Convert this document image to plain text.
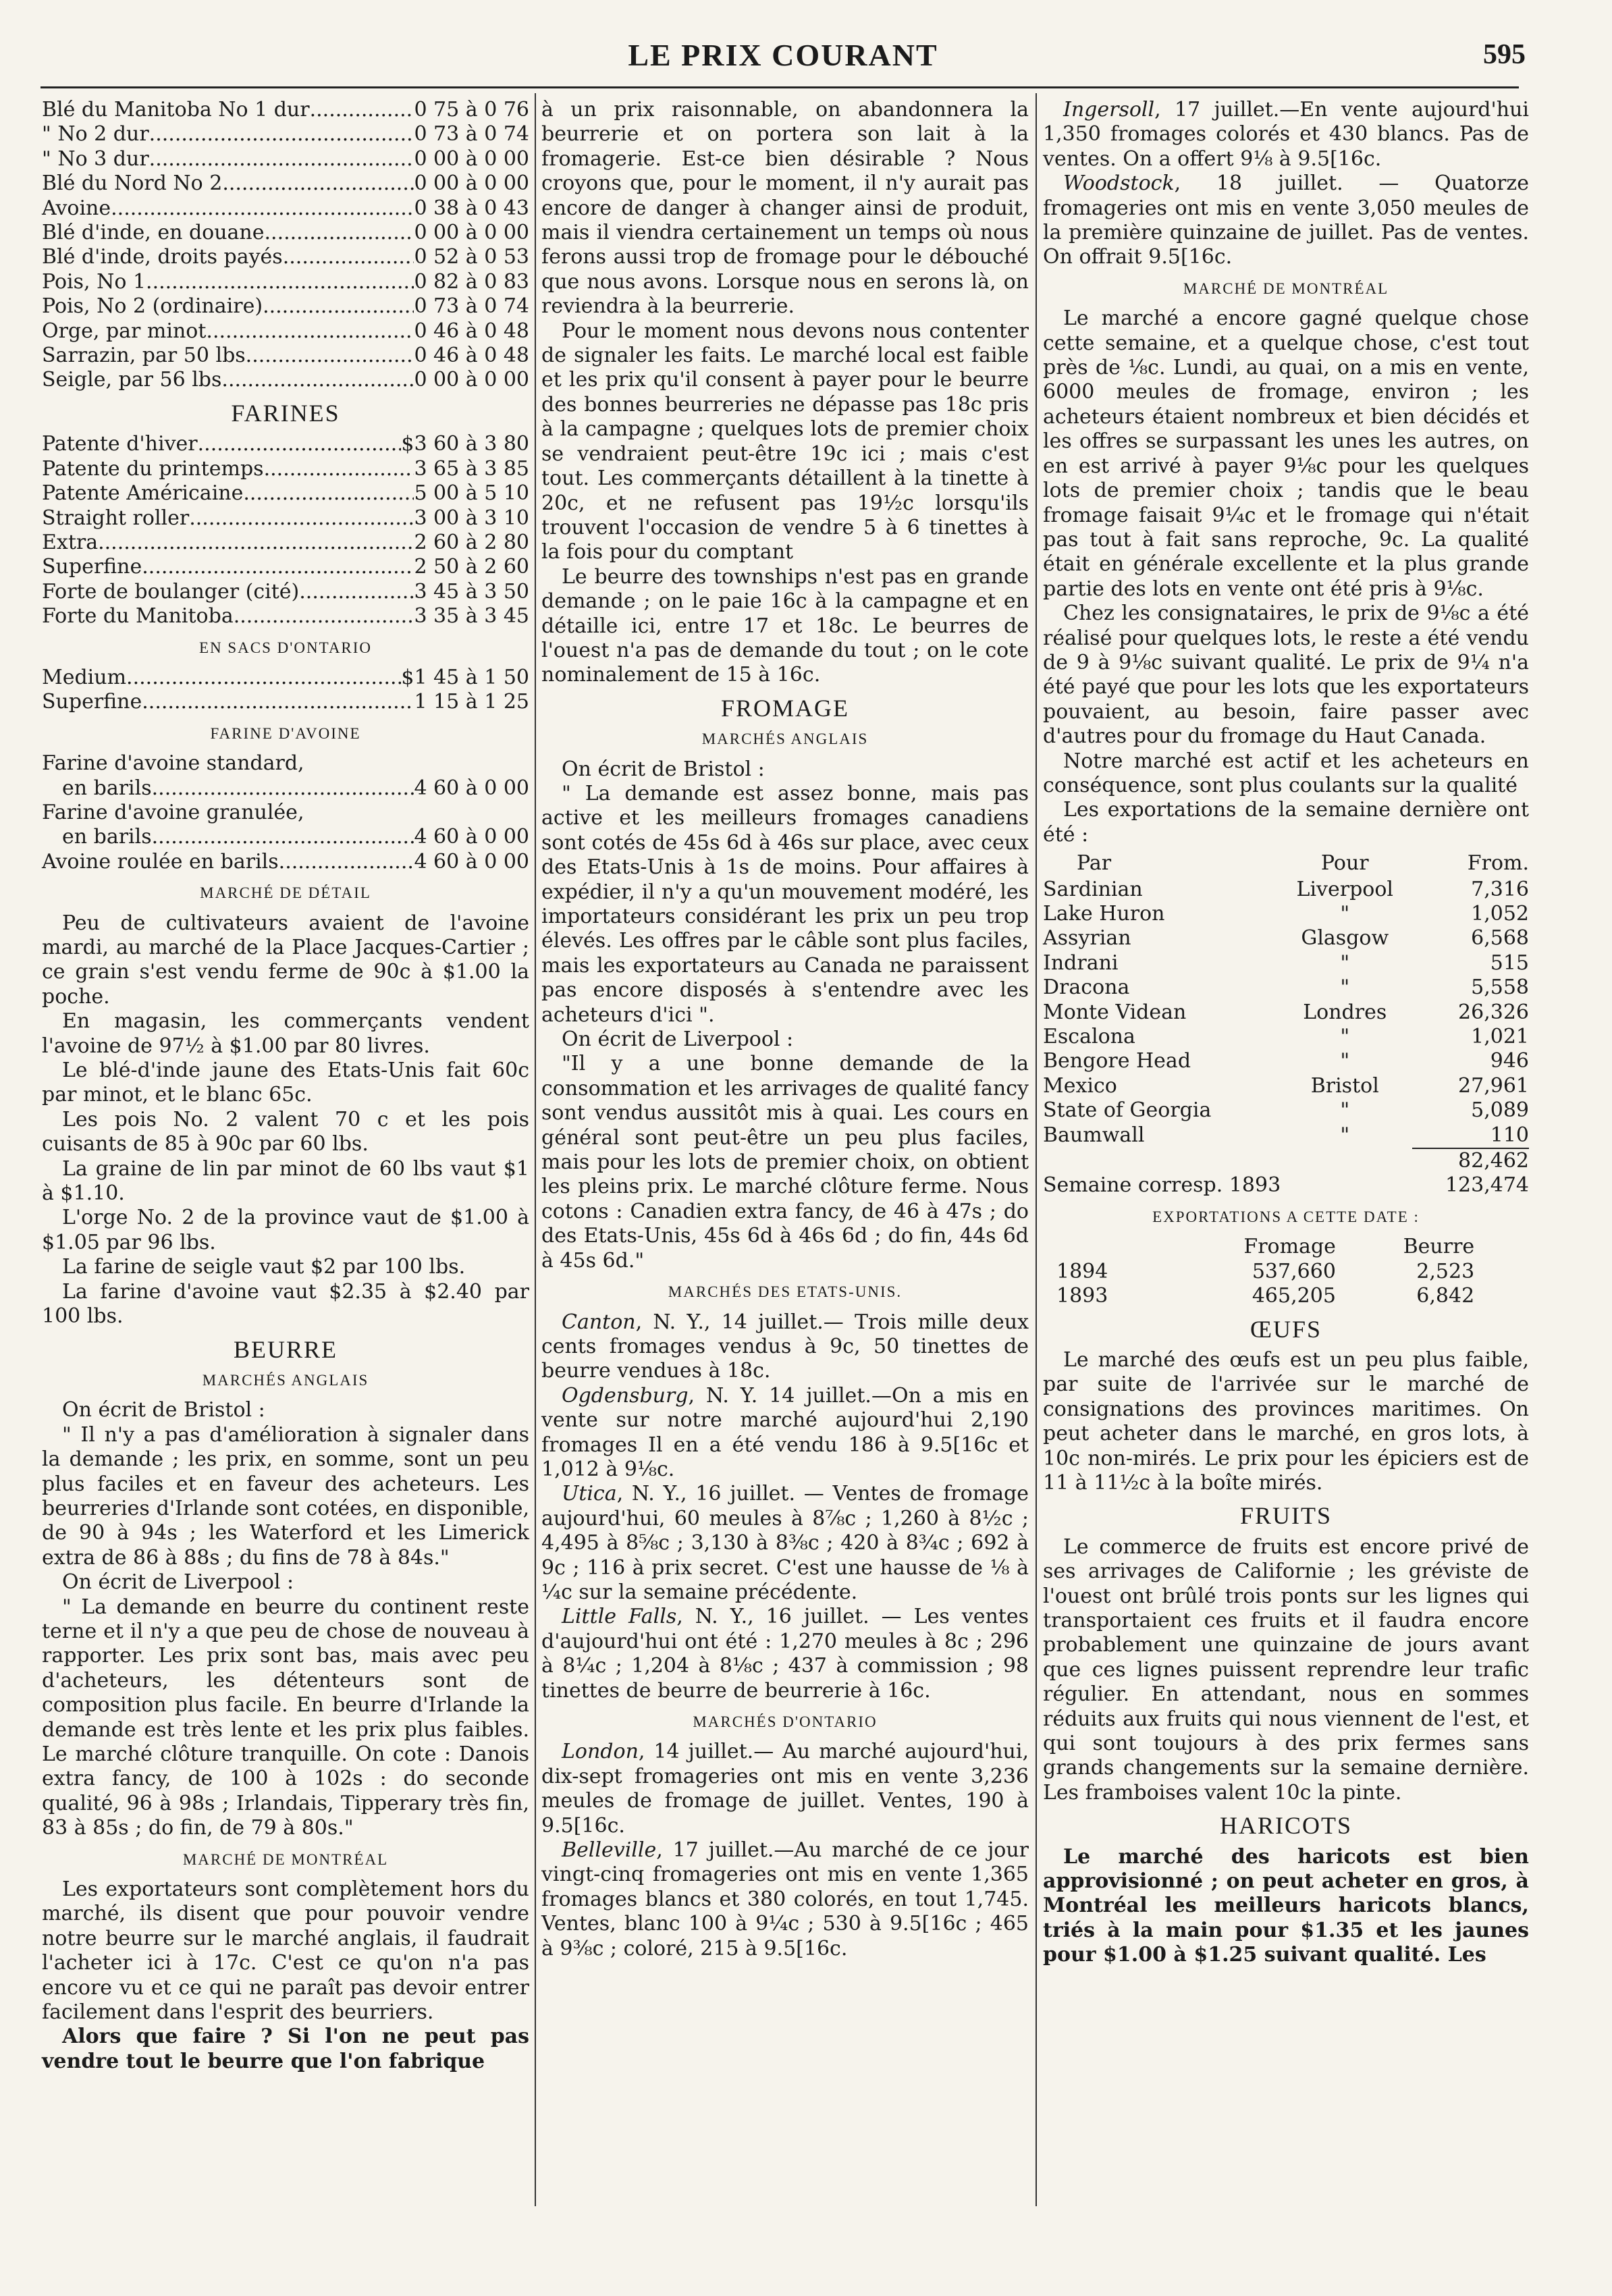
LE PRIX COURANT	595
Blé du Manitoba No 1 dur .....	0 75 à 0 76
" No 2 dur .....	0 73 à 0 74
" No 3 dur .....	0 00 à 0 00
Blé du Nord No 2 .....	0 00 à 0 00
Avoine .....	0 38 à 0 43
Blé d'inde, en douane .....	0 00 à 0 00
Blé d'inde, droits payés .....	0 52 à 0 53
Pois, No 1 .....	0 82 à 0 83
Pois, No 2 (ordinaire) .....	0 73 à 0 74
Orge, par minot .....	0 46 à 0 48
Sarrazin, par 50 lbs .....	0 46 à 0 48
Seigle, par 56 lbs .....	0 00 à 0 00
FARINES
Patente d'hiver .....	$3 60 à 3 80
Patente du printemps .....	3 65 à 3 85
Patente Américaine .....	5 00 à 5 10
Straight roller .....	3 00 à 3 10
Extra .....	2 60 à 2 80
Superfine .....	2 50 à 2 60
Forte de boulanger (cité) .....	3 45 à 3 50
Forte du Manitoba .....	3 35 à 3 45
EN SACS D'ONTARIO
Medium .....	$1 45 à 1 50
Superfine .....	1 15 à 1 25
FARINE D'AVOINE
Farine d'avoine standard,
en barils .....	4 60 à 0 00
Farine d'avoine granulée,
en barils .....	4 60 à 0 00
Avoine roulée en barils .....	4 60 à 0 00
MARCHÉ DE DÉTAIL

Peu de cultivateurs avaient de l'avoine mardi, au marché de la Place Jacques-Cartier ; ce grain s'est vendu ferme de 90c à $1.00 la poche.

En magasin, les commerçants vendent l'avoine de 97½ à $1.00 par 80 livres.

Le blé-d'inde jaune des Etats-Unis fait 60c par minot, et le blanc 65c.

Les pois No. 2 valent 70 c et les pois cuisants de 85 à 90c par 60 lbs.

La graine de lin par minot de 60 lbs vaut $1 à $1.10.

L'orge No. 2 de la province vaut de $1.00 à $1.05 par 96 lbs.

La farine de seigle vaut $2 par 100 lbs.

La farine d'avoine vaut $2.35 à $2.40 par 100 lbs.

BEURRE
MARCHÉS ANGLAIS

On écrit de Bristol :

" Il n'y a pas d'amélioration à signaler dans la demande ; les prix, en somme, sont un peu plus faciles et en faveur des acheteurs. Les beurreries d'Irlande sont cotées, en disponible, de 90 à 94s ; les Waterford et les Limerick extra de 86 à 88s ; du fins de 78 à 84s."

On écrit de Liverpool :

" La demande en beurre du continent reste terne et il n'y a que peu de chose de nouveau à rapporter. Les prix sont bas, mais avec peu d'acheteurs, les détenteurs sont de composition plus facile. En beurre d'Irlande la demande est très lente et les prix plus faibles. Le marché clôture tranquille. On cote : Danois extra fancy, de 100 à 102s : do seconde qualité, 96 à 98s ; Irlandais, Tipperary très fin, 83 à 85s ; do fin, de 79 à 80s."

MARCHÉ DE MONTRÉAL

Les exportateurs sont complètement hors du marché, ils disent que pour pouvoir vendre notre beurre sur le marché anglais, il faudrait l'acheter ici à 17c. C'est ce qu'on n'a pas encore vu et ce qui ne paraît pas devoir entrer facilement dans l'esprit des beurriers.

Alors que faire ? Si l'on ne peut pas vendre tout le beurre que l'on fabrique

à un prix raisonnable, on abandonnera la beurrerie et on portera son lait à la fromagerie. Est-ce bien désirable ? Nous croyons que, pour le moment, il n'y aurait pas encore de danger à changer ainsi de produit, mais il viendra certainement un temps où nous ferons aussi trop de fromage pour le débouché que nous avons. Lorsque nous en serons là, on reviendra à la beurrerie.

Pour le moment nous devons nous contenter de signaler les faits. Le marché local est faible et les prix qu'il consent à payer pour le beurre des bonnes beurreries ne dépasse pas 18c pris à la campagne ; quelques lots de premier choix se vendraient peut-être 19c ici ; mais c'est tout. Les commerçants détaillent à la tinette à 20c, et ne refusent pas 19½c lorsqu'ils trouvent l'occasion de vendre 5 à 6 tinettes à la fois pour du comptant

Le beurre des townships n'est pas en grande demande ; on le paie 16c à la campagne et en détaille ici, entre 17 et 18c. Le beurres de l'ouest n'a pas de demande du tout ; on le cote nominalement de 15 à 16c.

FROMAGE
MARCHÉS ANGLAIS

On écrit de Bristol :

" La demande est assez bonne, mais pas active et les meilleurs fromages canadiens sont cotés de 45s 6d à 46s sur place, avec ceux des Etats-Unis à 1s de moins. Pour affaires à expédier, il n'y a qu'un mouvement modéré, les importateurs considérant les prix un peu trop élevés. Les offres par le câble sont plus faciles, mais les exportateurs au Canada ne paraissent pas encore disposés à s'entendre avec les acheteurs d'ici ".

On écrit de Liverpool :

"Il y a une bonne demande de la consommation et les arrivages de qualité fancy sont vendus aussitôt mis à quai. Les cours en général sont peut-être un peu plus faciles, mais pour les lots de premier choix, on obtient les pleins prix. Le marché clôture ferme. Nous cotons : Canadien extra fancy, de 46 à 47s ; do des Etats-Unis, 45s 6d à 46s 6d ; do fin, 44s 6d à 45s 6d."

MARCHÉS DES ETATS-UNIS.

Canton, N. Y., 14 juillet.— Trois mille deux cents fromages vendus à 9c, 50 tinettes de beurre vendues à 18c.

Ogdensburg, N. Y. 14 juillet.—On a mis en vente sur notre marché aujourd'hui 2,190 fromages Il en a été vendu 186 à 9.5[16c et 1,012 à 9⅛c.

Utica, N. Y., 16 juillet. — Ventes de fromage aujourd'hui, 60 meules à 8⅞c ; 1,260 à 8½c ; 4,495 à 8⅝c ; 3,130 à 8⅜c ; 420 à 8¾c ; 692 à 9c ; 116 à prix secret. C'est une hausse de ⅛ à ¼c sur la semaine précédente.

Little Falls, N. Y., 16 juillet. — Les ventes d'aujourd'hui ont été : 1,270 meules à 8c ; 296 à 8¼c ; 1,204 à 8⅛c ; 437 à commission ; 98 tinettes de beurre de beurrerie à 16c.

MARCHÉS D'ONTARIO

London, 14 juillet.— Au marché aujourd'hui, dix-sept fromageries ont mis en vente 3,236 meules de fromage de juillet. Ventes, 190 à 9.5[16c.

Belleville, 17 juillet.—Au marché de ce jour vingt-cinq fromageries ont mis en vente 1,365 fromages blancs et 380 colorés, en tout 1,745. Ventes, blanc 100 à 9¼c ; 530 à 9.5[16c ; 465 à 9⅜c ; coloré, 215 à 9.5[16c.

Ingersoll, 17 juillet.—En vente aujourd'hui 1,350 fromages colorés et 430 blancs. Pas de ventes. On a offert 9⅛ à 9.5[16c.

Woodstock, 18 juillet. — Quatorze fromageries ont mis en vente 3,050 meules de la première quinzaine de juillet. Pas de ventes. On offrait 9.5[16c.

MARCHÉ DE MONTRÉAL

Le marché a encore gagné quelque chose cette semaine, et a quelque chose, c'est tout près de ⅛c. Lundi, au quai, on a mis en vente, 6000 meules de fromage, environ ; les acheteurs étaient nombreux et bien décidés et les offres se surpassant les unes les autres, on en est arrivé à payer 9⅛c pour les quelques lots de premier choix ; tandis que le beau fromage faisait 9¼c et le fromage qui n'était pas tout à fait sans reproche, 9c. La qualité était en générale excellente et la plus grande partie des lots en vente ont été pris à 9⅛c.

Chez les consignataires, le prix de 9⅛c a été réalisé pour quelques lots, le reste a été vendu de 9 à 9⅛c suivant qualité. Le prix de 9¼ n'a été payé que pour les lots que les exportateurs pouvaient, au besoin, faire passer avec d'autres pour du fromage du Haut Canada.

Notre marché est actif et les acheteurs en conséquence, sont plus coulants sur la qualité

Les exportations de la semaine dernière ont été :

Par	Pour	From.
Sardinian	Liverpool	7,316
Lake Huron	"	1,052
Assyrian	Glasgow	6,568
Indrani	"	515
Dracona	"	5,558
Monte Videan	Londres	26,326
Escalona	"	1,021
Bengore Head	"	946
Mexico	Bristol	27,961
State of Georgia	"	5,089
Baumwall	"	110
		82,462
Semaine corresp. 1893		123,474
EXPORTATIONS A CETTE DATE :
	Fromage	Beurre
1894	537,660	2,523
1893	465,205	6,842
ŒUFS

Le marché des œufs est un peu plus faible, par suite de l'arrivée sur le marché de consignations des provinces maritimes. On peut acheter dans le marché, en gros lots, à 10c non-mirés. Le prix pour les épiciers est de 11 à 11½c à la boîte mirés.

FRUITS

Le commerce de fruits est encore privé de ses arrivages de Californie ; les gréviste de l'ouest ont brûlé trois ponts sur les lignes qui transportaient ces fruits et il faudra encore probablement une quinzaine de jours avant que ces lignes puissent reprendre leur trafic régulier. En attendant, nous en sommes réduits aux fruits qui nous viennent de l'est, et qui sont toujours à des prix fermes sans grands changements sur la semaine dernière. Les framboises valent 10c la pinte.

HARICOTS

Le marché des haricots est bien approvisionné ; on peut acheter en gros, à Montréal les meilleurs haricots blancs, triés à la main pour $1.35 et les jaunes pour $1.00 à $1.25 suivant qualité. Les
